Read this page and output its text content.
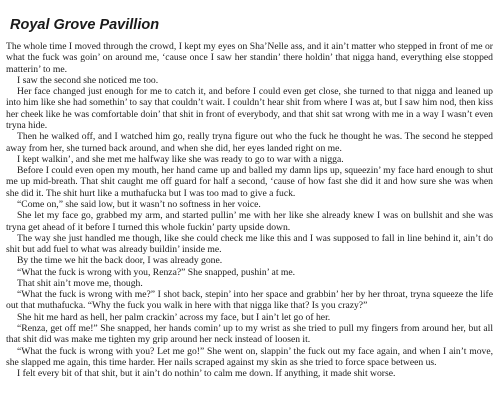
Royal Grove Pavillion

The whole time I moved through the crowd, I kept my eyes on Sha’Nelle ass, and it ain’t matter who stepped in front of me or what the fuck was goin’ on around me, ‘cause once I saw her standin’ there holdin’ that nigga hand, everything else stopped matterin’ to me.

I saw the second she noticed me too.

Her face changed just enough for me to catch it, and before I could even get close, she turned to that nigga and leaned up into him like she had somethin’ to say that couldn’t wait. I couldn’t hear shit from where I was at, but I saw him nod, then kiss her cheek like he was comfortable doin’ that shit in front of everybody, and that shit sat wrong with me in a way I wasn’t even tryna hide.

Then he walked off, and I watched him go, really tryna figure out who the fuck he thought he was. The second he stepped away from her, she turned back around, and when she did, her eyes landed right on me.

I kept walkin’, and she met me halfway like she was ready to go to war with a nigga.

Before I could even open my mouth, her hand came up and balled my damn lips up, squeezin’ my face hard enough to shut me up mid-breath. That shit caught me off guard for half a second, ‘cause of how fast she did it and how sure she was when she did it. The shit hurt like a muthafucka but I was too mad to give a fuck.

“Come on,” she said low, but it wasn’t no softness in her voice.

She let my face go, grabbed my arm, and started pullin’ me with her like she already knew I was on bullshit and she was tryna get ahead of it before I turned this whole fuckin’ party upside down.

The way she just handled me though, like she could check me like this and I was supposed to fall in line behind it, ain’t do shit but add fuel to what was already buildin’ inside me.

By the time we hit the back door, I was already gone.

“What the fuck is wrong with you, Renza?” She snapped, pushin’ at me.

That shit ain’t move me, though.

“What the fuck is wrong with me?” I shot back, stepin’ into her space and grabbin’ her by her throat, tryna squeeze the life out that muthafucka. “Why the fuck you walk in here with that nigga like that? Is you crazy?”

She hit me hard as hell, her palm crackin’ across my face, but I ain’t let go of her.

“Renza, get off me!” She snapped, her hands comin’ up to my wrist as she tried to pull my fingers from around her, but all that shit did was make me tighten my grip around her neck instead of loosen it.

“What the fuck is wrong with you? Let me go!” She went on, slappin’ the fuck out my face again, and when I ain’t move, she slapped me again, this time harder. Her nails scraped against my skin as she tried to force space between us.

I felt every bit of that shit, but it ain’t do nothin’ to calm me down. If anything, it made shit worse.
